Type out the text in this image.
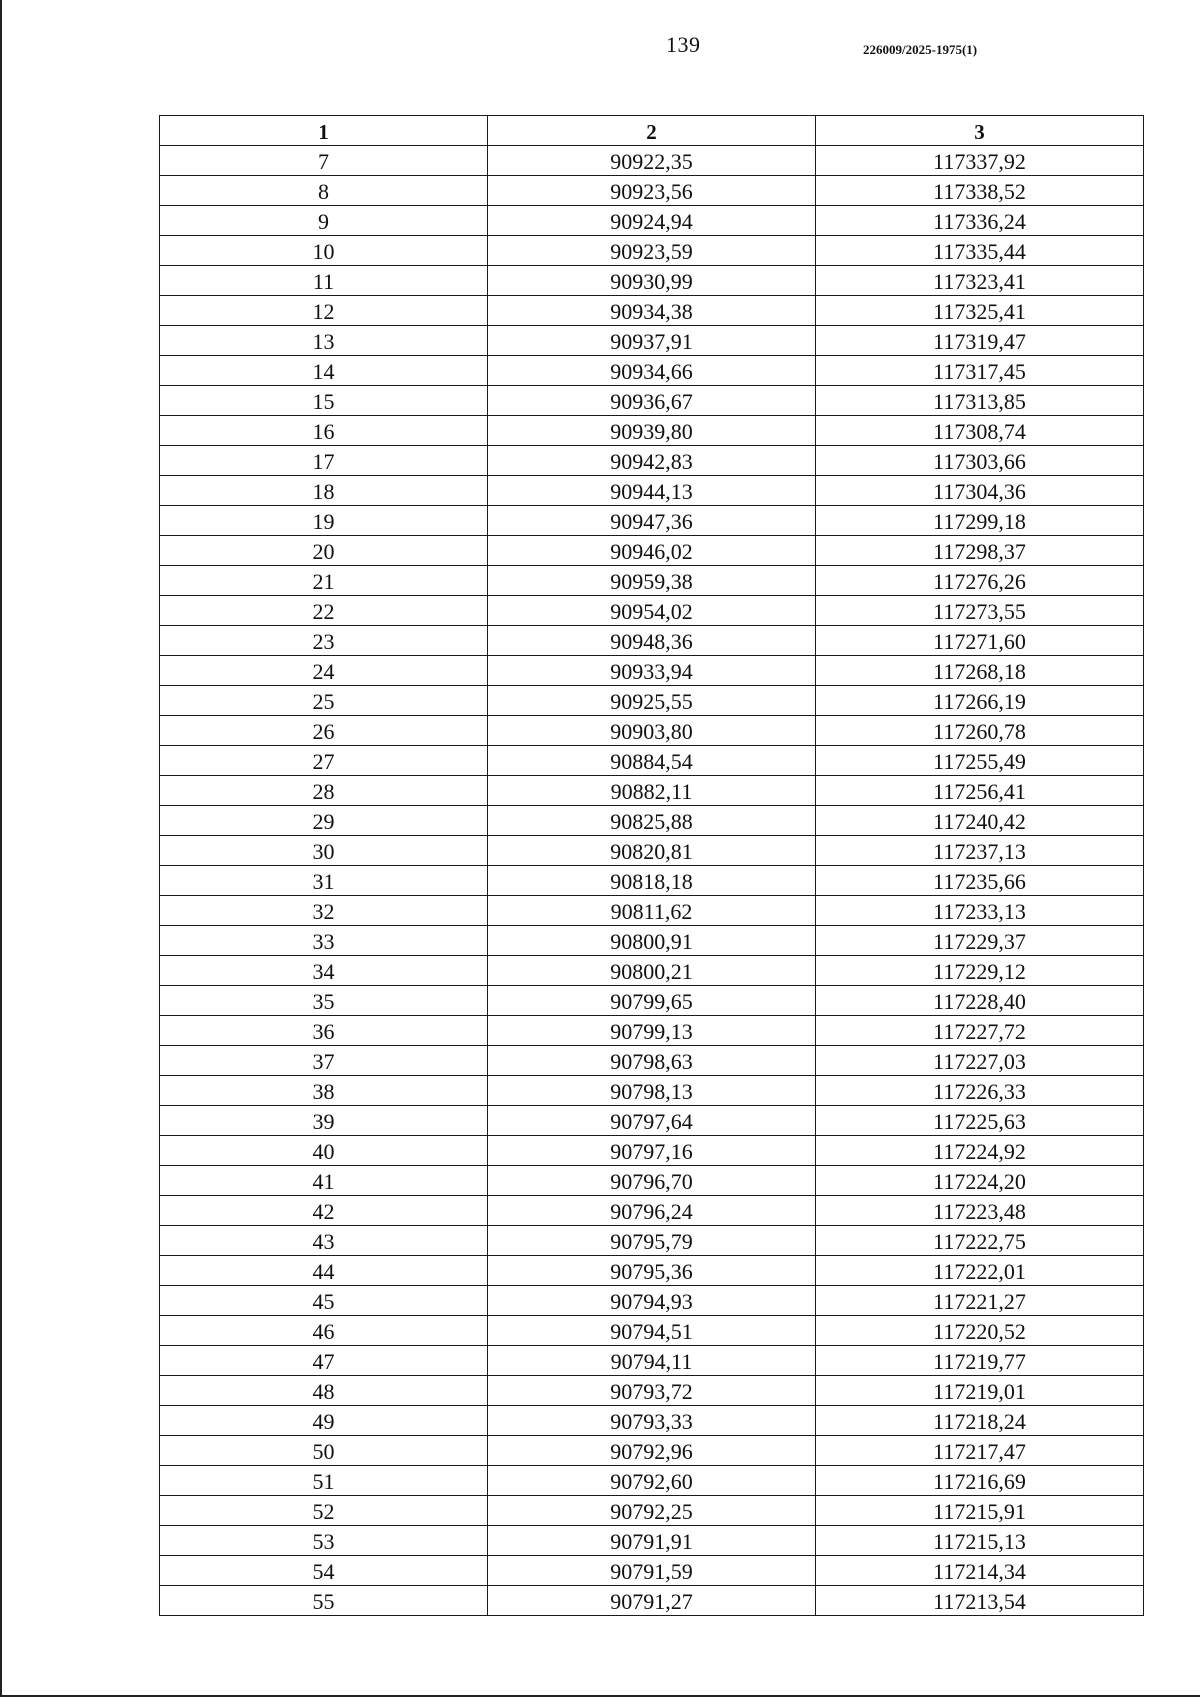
139	226009/2025-1975(1)
1	2	3
7	90922,35	117337,92
8	90923,56	117338,52
9	90924,94	117336,24
10	90923,59	117335,44
11	90930,99	117323,41
12	90934,38	117325,41
13	90937,91	117319,47
14	90934,66	117317,45
15	90936,67	117313,85
16	90939,80	117308,74
17	90942,83	117303,66
18	90944,13	117304,36
19	90947,36	117299,18
20	90946,02	117298,37
21	90959,38	117276,26
22	90954,02	117273,55
23	90948,36	117271,60
24	90933,94	117268,18
25	90925,55	117266,19
26	90903,80	117260,78
27	90884,54	117255,49
28	90882,11	117256,41
29	90825,88	117240,42
30	90820,81	117237,13
31	90818,18	117235,66
32	90811,62	117233,13
33	90800,91	117229,37
34	90800,21	117229,12
35	90799,65	117228,40
36	90799,13	117227,72
37	90798,63	117227,03
38	90798,13	117226,33
39	90797,64	117225,63
40	90797,16	117224,92
41	90796,70	117224,20
42	90796,24	117223,48
43	90795,79	117222,75
44	90795,36	117222,01
45	90794,93	117221,27
46	90794,51	117220,52
47	90794,11	117219,77
48	90793,72	117219,01
49	90793,33	117218,24
50	90792,96	117217,47
51	90792,60	117216,69
52	90792,25	117215,91
53	90791,91	117215,13
54	90791,59	117214,34
55	90791,27	117213,54
